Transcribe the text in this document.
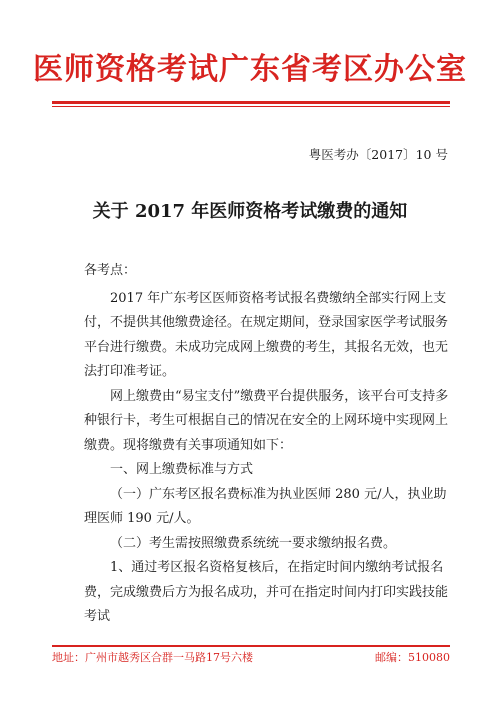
医师资格考试广东省考区办公室
粤医考办〔2017〕10 号
关于 2017 年医师资格考试缴费的通知

各考点：

2017 年广东考区医师资格考试报名费缴纳全部实行网上支付，不提供其他缴费途径。在规定期间，登录国家医学考试服务平台进行缴费。未成功完成网上缴费的考生，其报名无效，也无法打印准考证。

网上缴费由“易宝支付”缴费平台提供服务，该平台可支持多种银行卡，考生可根据自己的情况在安全的上网环境中实现网上缴费。现将缴费有关事项通知如下：

一、网上缴费标准与方式

（一）广东考区报名费标准为执业医师 280 元/人，执业助理医师 190 元/人。

（二）考生需按照缴费系统统一要求缴纳报名费。

1、通过考区报名资格复核后，在指定时间内缴纳考试报名费，完成缴费后方为报名成功，并可在指定时间内打印实践技能考试

地址：广州市越秀区合群一马路17号六楼	邮编：510080
